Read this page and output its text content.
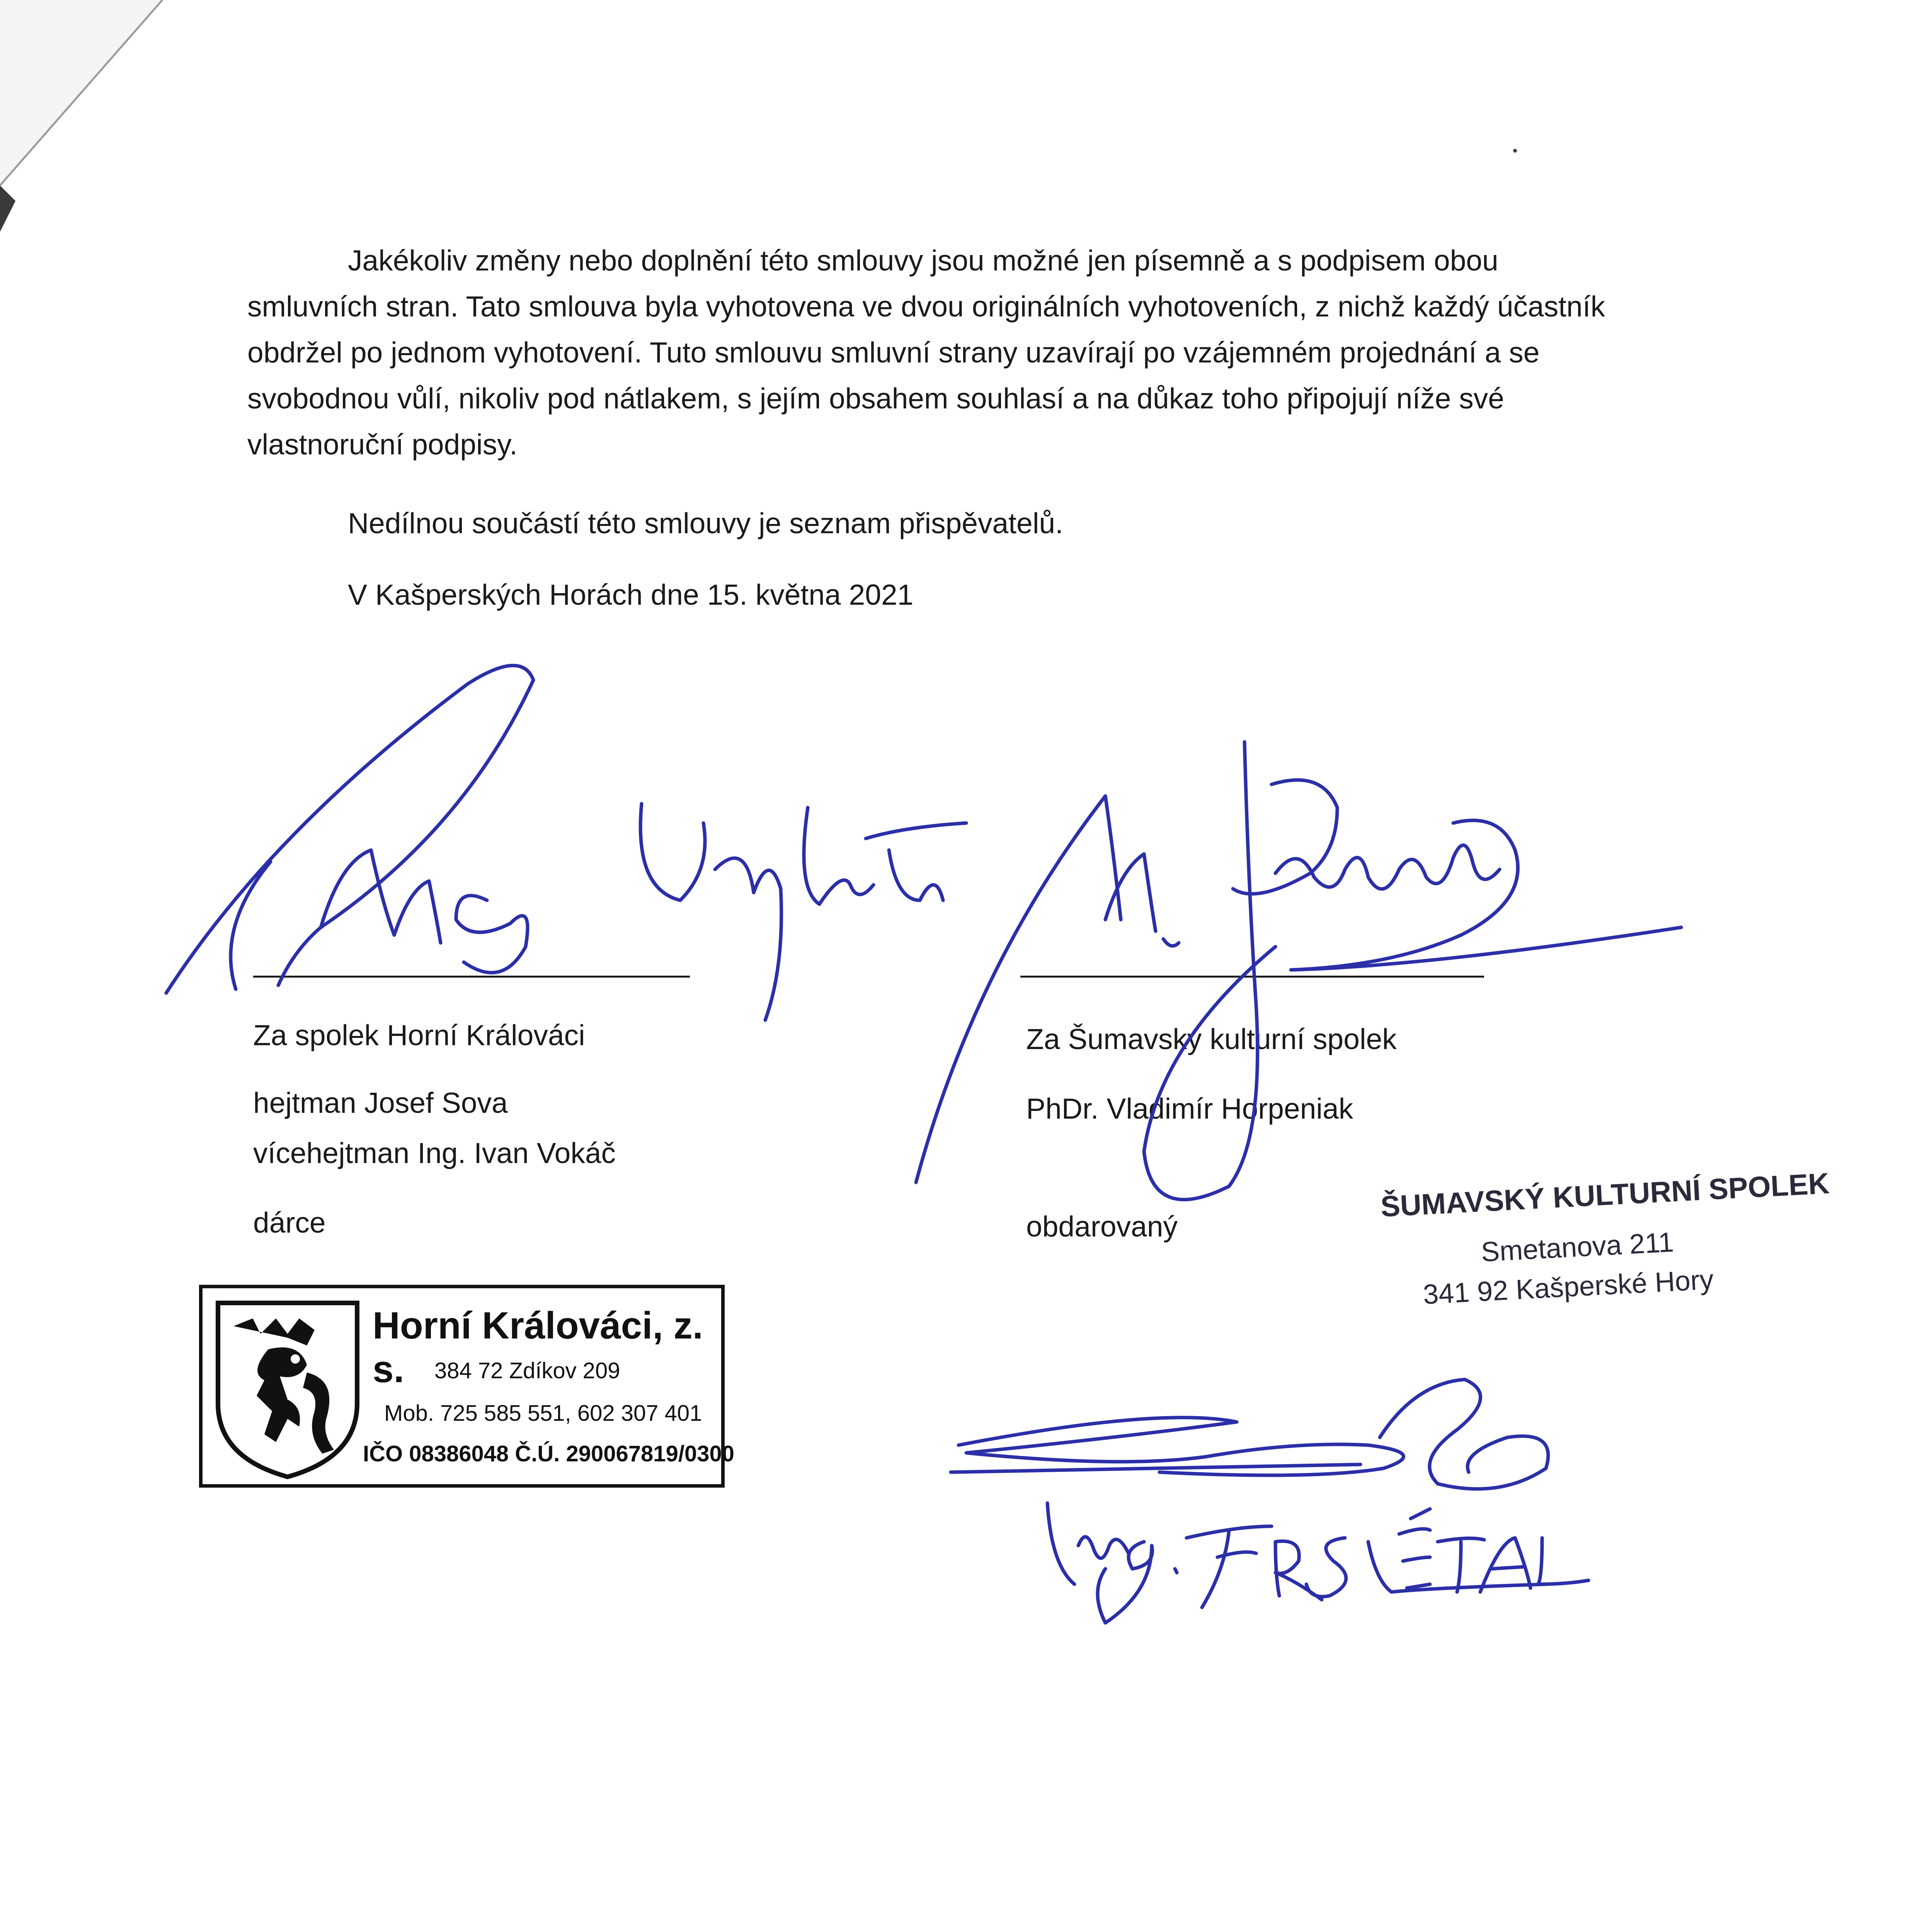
Jakékoliv změny nebo doplnění této smlouvy jsou možné jen písemně a s podpisem obou smluvních stran. Tato smlouva byla vyhotovena ve dvou originálních vyhotoveních, z nichž každý účastník obdržel po jednom vyhotovení. Tuto smlouvu smluvní strany uzavírají po vzájemném projednání a se svobodnou vůlí, nikoliv pod nátlakem, s jejím obsahem souhlasí a na důkaz toho připojují níže své vlastnoruční podpisy.

Nedílnou součástí této smlouvy je seznam přispěvatelů.

V Kašperských Horách dne 15. května 2021

Za spolek Horní Králováci

hejtman Josef Sova

vícehejtman Ing. Ivan Vokáč

dárce

Za Šumavský kulturní spolek

PhDr. Vladimír Horpeniak

obdarovaný

Horní Králováci, z. s.	384 72 Zdíkov 209
Mob. 725 585 551, 602 307 401
IČO 08386048 Č.Ú. 290067819/0300
ŠUMAVSKÝ KULTURNÍ SPOLEK
Smetanova 211
341 92 Kašperské Hory
